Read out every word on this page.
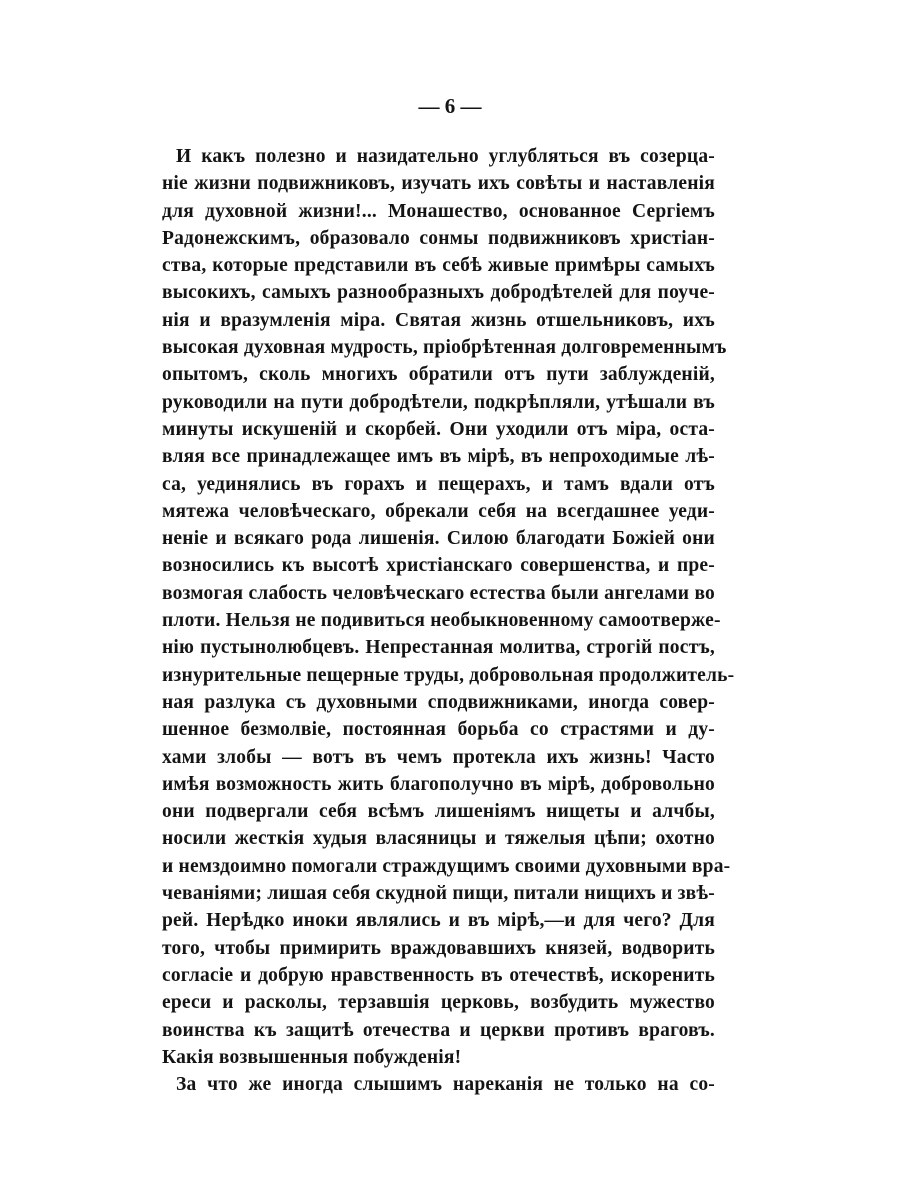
— 6 —
И какъ полезно и назидательно углубляться въ созерца-
ніе жизни подвижниковъ, изучать ихъ совѣты и наставленія
для духовной жизни!... Монашество, основанное Сергіемъ
Радонежскимъ, образовало сонмы подвижниковъ христіан-
ства, которые представили въ себѣ живые примѣры самыхъ
высокихъ, самыхъ разнообразныхъ добродѣтелей для поуче-
нія и вразумленія міра. Святая жизнь отшельниковъ, ихъ
высокая духовная мудрость, пріобрѣтенная долговременнымъ
опытомъ, сколь многихъ обратили отъ пути заблужденій,
руководили на пути добродѣтели, подкрѣпляли, утѣшали въ
минуты искушеній и скорбей. Они уходили отъ міра, оста-
вляя все принадлежащее имъ въ мірѣ, въ непроходимые лѣ-
са, уединялись въ горахъ и пещерахъ, и тамъ вдали отъ
мятежа человѣческаго, обрекали себя на всегдашнее уеди-
неніе и всякаго рода лишенія. Силою благодати Божіей они
возносились къ высотѣ христіанскаго совершенства, и пре-
возмогая слабость человѣческаго естества были ангелами во
плоти. Нельзя не подивиться необыкновенному самоотверже-
нію пустынолюбцевъ. Непрестанная молитва, строгій постъ,
изнурительные пещерные труды, добровольная продолжитель-
ная разлука съ духовными сподвижниками, иногда совер-
шенное безмолвіе, постоянная борьба со страстями и ду-
хами злобы — вотъ въ чемъ протекла ихъ жизнь! Часто
имѣя возможность жить благополучно въ мірѣ, добровольно
они подвергали себя всѣмъ лишеніямъ нищеты и алчбы,
носили жесткія худыя власяницы и тяжелыя цѣпи; охотно
и немздоимно помогали страждущимъ своими духовными вра-
чеваніями; лишая себя скудной пищи, питали нищихъ и звѣ-
рей. Нерѣдко иноки являлись и въ мірѣ,—и для чего? Для
того, чтобы примирить враждовавшихъ князей, водворить
согласіе и добрую нравственность въ отечествѣ, искоренить
ереси и расколы, терзавшія церковь, возбудить мужество
воинства къ защитѣ отечества и церкви противъ враговъ.
Какія возвышенныя побужденія!
За что же иногда слышимъ нареканія не только на со-
